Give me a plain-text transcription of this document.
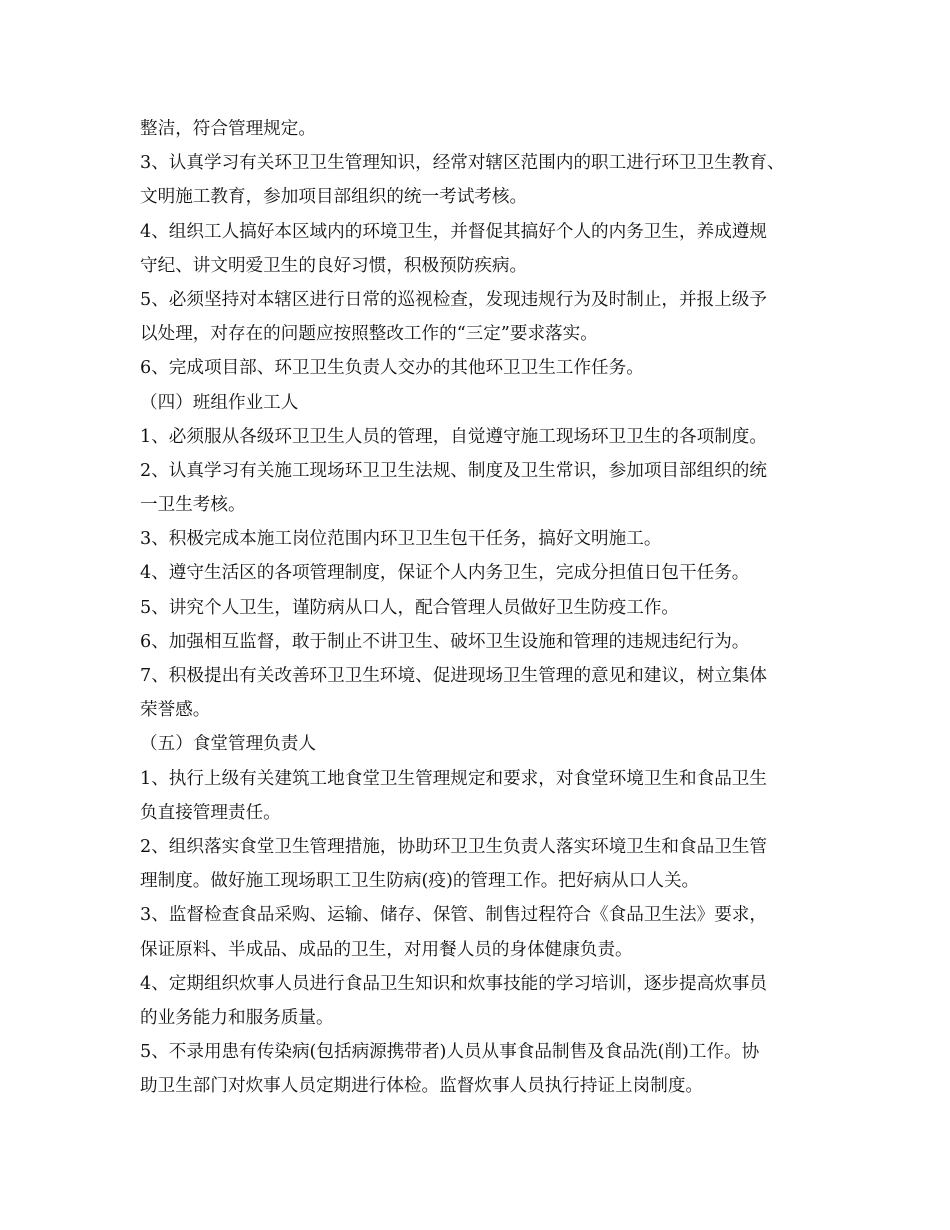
整洁，符合管理规定。
3、认真学习有关环卫卫生管理知识，经常对辖区范围内的职工进行环卫卫生教育、
文明施工教育，参加项目部组织的统一考试考核。
4、组织工人搞好本区域内的环境卫生，并督促其搞好个人的内务卫生，养成遵规
守纪、讲文明爱卫生的良好习惯，积极预防疾病。
5、必须坚持对本辖区进行日常的巡视检查，发现违规行为及时制止，并报上级予
以处理，对存在的问题应按照整改工作的“三定”要求落实。
6、完成项目部、环卫卫生负责人交办的其他环卫卫生工作任务。
（四）班组作业工人
1、必须服从各级环卫卫生人员的管理，自觉遵守施工现场环卫卫生的各项制度。
2、认真学习有关施工现场环卫卫生法规、制度及卫生常识，参加项目部组织的统
一卫生考核。
3、积极完成本施工岗位范围内环卫卫生包干任务，搞好文明施工。
4、遵守生活区的各项管理制度，保证个人内务卫生，完成分担值日包干任务。
5、讲究个人卫生，谨防病从口人，配合管理人员做好卫生防疫工作。
6、加强相互监督，敢于制止不讲卫生、破坏卫生设施和管理的违规违纪行为。
7、积极提出有关改善环卫卫生环境、促进现场卫生管理的意见和建议，树立集体
荣誉感。
（五）食堂管理负责人
1、执行上级有关建筑工地食堂卫生管理规定和要求，对食堂环境卫生和食品卫生
负直接管理责任。
2、组织落实食堂卫生管理措施，协助环卫卫生负责人落实环境卫生和食品卫生管
理制度。做好施工现场职工卫生防病(疫)的管理工作。把好病从口人关。
3、监督检查食品采购、运输、储存、保管、制售过程符合《食品卫生法》要求，
保证原料、半成品、成品的卫生，对用餐人员的身体健康负责。
4、定期组织炊事人员进行食品卫生知识和炊事技能的学习培训，逐步提高炊事员
的业务能力和服务质量。
5、不录用患有传染病(包括病源携带者)人员从事食品制售及食品洗(削)工作。协
助卫生部门对炊事人员定期进行体检。监督炊事人员执行持证上岗制度。
